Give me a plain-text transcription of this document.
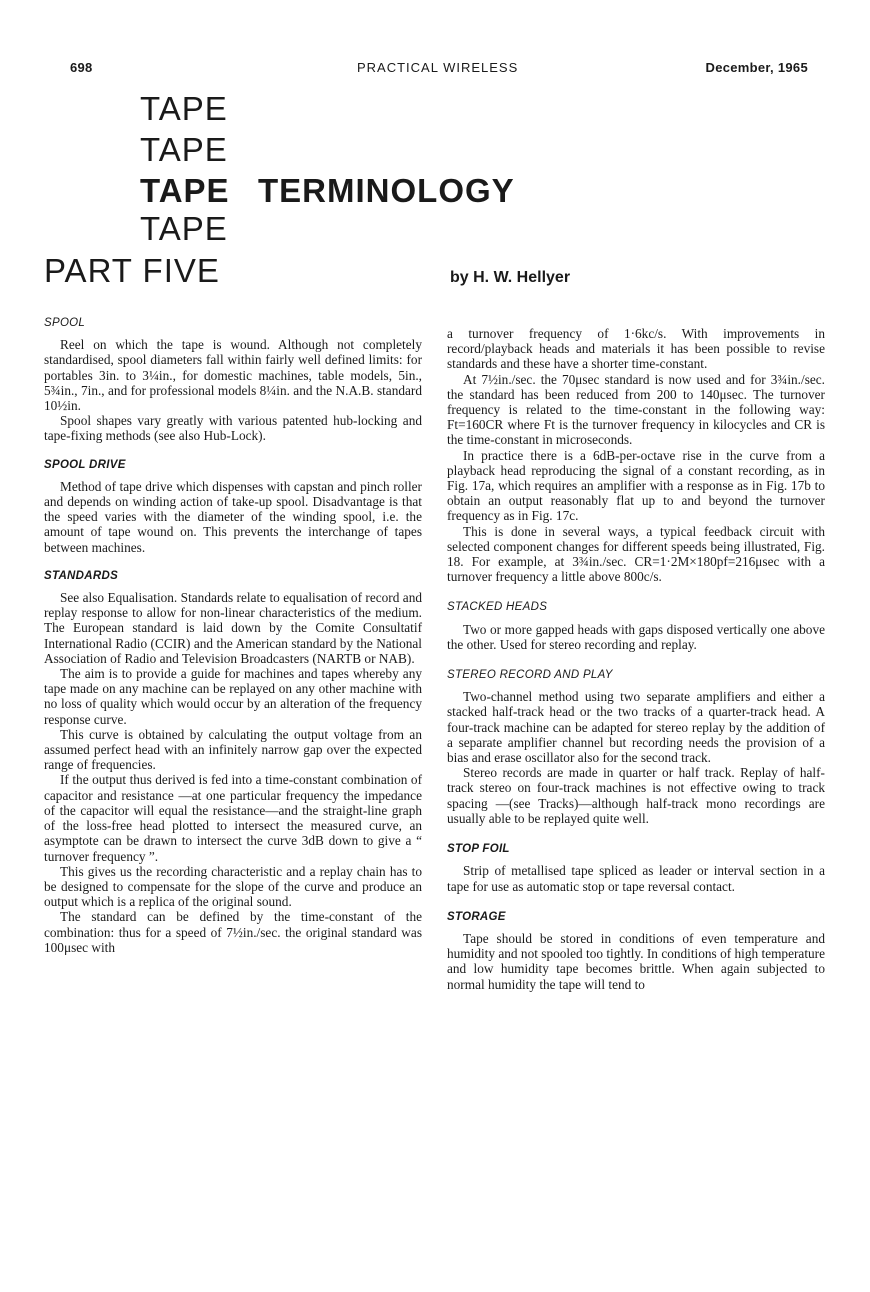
698	PRACTICAL WIRELESS	December, 1965
TAPE
TAPE
TAPE TERMINOLOGY
TAPE
PART FIVE	by H. W. Hellyer
SPOOL

Reel on which the tape is wound. Although not completely standardised, spool diameters fall within fairly well defined limits: for portables 3in. to 3¼in., for domestic machines, table models, 5in., 5¾in., 7in., and for professional models 8¼in. and the N.A.B. standard 10½in.

Spool shapes vary greatly with various patented hub-locking and tape-fixing methods (see also Hub-Lock).

SPOOL DRIVE

Method of tape drive which dispenses with capstan and pinch roller and depends on winding action of take-up spool. Disadvantage is that the speed varies with the diameter of the winding spool, i.e. the amount of tape wound on. This prevents the interchange of tapes between machines.

STANDARDS

See also Equalisation. Standards relate to equalisation of record and replay response to allow for non-linear characteristics of the medium. The European standard is laid down by the Comite Consultatif International Radio (CCIR) and the American standard by the National Association of Radio and Television Broadcasters (NARTB or NAB).

The aim is to provide a guide for machines and tapes whereby any tape made on any machine can be replayed on any other machine with no loss of quality which would occur by an alteration of the frequency response curve.

This curve is obtained by calculating the output voltage from an assumed perfect head with an infinitely narrow gap over the expected range of frequencies.

If the output thus derived is fed into a time-constant combination of capacitor and resistance —at one particular frequency the impedance of the capacitor will equal the resistance—and the straight-line graph of the loss-free head plotted to intersect the measured curve, an asymptote can be drawn to intersect the curve 3dB down to give a “ turnover frequency ”.

This gives us the recording characteristic and a replay chain has to be designed to compensate for the slope of the curve and produce an output which is a replica of the original sound.

The standard can be defined by the time-constant of the combination: thus for a speed of 7½in./sec. the original standard was 100μsec with

a turnover frequency of 1·6kc/s. With improvements in record/playback heads and materials it has been possible to revise standards and these have a shorter time-constant.

At 7½in./sec. the 70μsec standard is now used and for 3¾in./sec. the standard has been reduced from 200 to 140μsec. The turnover frequency is related to the time-constant in the following way: Ft=160CR where Ft is the turnover frequency in kilocycles and CR is the time-constant in microseconds.

In practice there is a 6dB-per-octave rise in the curve from a playback head reproducing the signal of a constant recording, as in Fig. 17a, which requires an amplifier with a response as in Fig. 17b to obtain an output reasonably flat up to and beyond the turnover frequency as in Fig. 17c.

This is done in several ways, a typical feedback circuit with selected component changes for different speeds being illustrated, Fig. 18. For example, at 3¾in./sec. CR=1·2M×180pf=216μsec with a turnover frequency a little above 800c/s.

STACKED HEADS

Two or more gapped heads with gaps disposed vertically one above the other. Used for stereo recording and replay.

STEREO RECORD AND PLAY

Two-channel method using two separate amplifiers and either a stacked half-track head or the two tracks of a quarter-track head. A four-track machine can be adapted for stereo replay by the addition of a separate amplifier channel but recording needs the provision of a bias and erase oscillator also for the second track.

Stereo records are made in quarter or half track. Replay of half-track stereo on four-track machines is not effective owing to track spacing —(see Tracks)—although half-track mono recordings are usually able to be replayed quite well.

STOP FOIL

Strip of metallised tape spliced as leader or interval section in a tape for use as automatic stop or tape reversal contact.

STORAGE

Tape should be stored in conditions of even temperature and humidity and not spooled too tightly. In conditions of high temperature and low humidity tape becomes brittle. When again subjected to normal humidity the tape will tend to
